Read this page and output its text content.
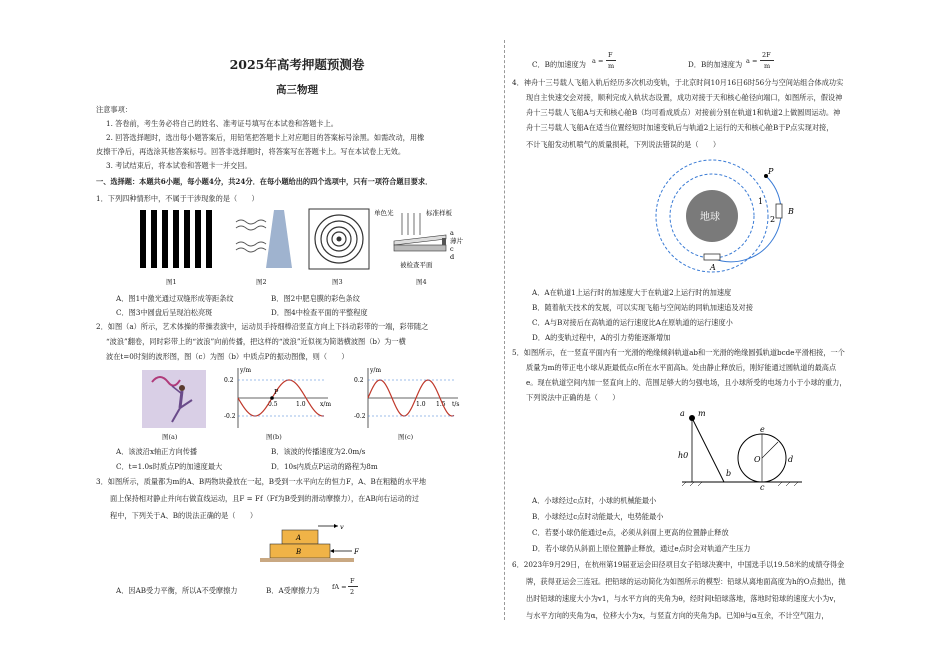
2025年高考押题预测卷
高三物理
注意事项：
1. 答卷前，考生务必将自己的姓名、准考证号填写在本试卷和答题卡上。
2. 回答选择题时，选出每小题答案后，用铅笔把答题卡上对应题目的答案标号涂黑。如需改动，用橡
皮擦干净后，再选涂其他答案标号。回答非选择题时，将答案写在答题卡上。写在本试卷上无效。
3. 考试结束后，将本试卷和答题卡一并交回。
一、选择题：本题共6小题，每小题4分，共24分．在每小题给出的四个选项中，只有一项符合题目要求．
1．下列四种情形中，不属于干涉现象的是（　　）
单色光	标准样板
薄片
a
c
d
被检查平面
图1	图2	图3	图4
A．图1中激光通过双缝形成等距条纹	B．图2中肥皂膜的彩色条纹
C．图3中圆盘后呈现泊松亮斑	D．图4中检查平面的平整程度
2．如图（a）所示，艺术体操的带操表演中，运动员手持细棒沿竖直方向上下抖动彩带的一端，彩带随之
“波浪”翻卷，同时彩带上的“波浪”向前传播，把这样的“波浪”近似视为简谐横波图（b）为一横
波在t=0时刻的波形图，图（c）为图（b）中质点P的振动图像，则（　　）
y/m
x/m
0.2
-0.2
0.5	1.0
P
y/m
t/s
0.2
-0.2
1.0 1.5
图(a)	图(b)	图(c)
A．该波沿x轴正方向传播	B．该波的传播速度为2.0m/s
C．t=1.0s时质点P的加速度最大	D．10s内质点P运动的路程为8m
3．如图所示，质量都为m的A、B两物块叠放在一起，B受到一水平向左的恒力F，A、B在粗糙的水平地
面上保持相对静止并向右做直线运动，且F = Ff（Ff为B受到的滑动摩擦力），在AB向右运动的过
程中，下列关于A、B的说法正确的是（　　）
v
A
B	F
A．因AB受力平衡，所以A不受摩擦力	B．A受摩擦力为 fA =
F
2
C．B的加速度为 a =
F
m	D．B的加速度为 a =
2F
m
4．神舟十三号载人飞船入轨后经历多次机动变轨，于北京时间10月16日6时56分与空间站组合体成功实
现自主快速交会对接，顺利完成入轨状态设置，成功对接于天和核心舱径向端口，如图所示，假设神
舟十三号载人飞船A与天和核心舱B（均可看成质点）对接前分别在轨道1和轨道2上做圆周运动。神
舟十三号载人飞船A在适当位置经短时加速变轨后与轨道2上运行的天和核心舱B于P点实现对接，
不计飞船发动机喷气的质量损耗，下列说法错误的是（　　）
地球
1
2
P
B
A
A．A在轨道1上运行时的加速度大于在轨道2上运行时的加速度
B．随着航天技术的发展，可以实现飞船与空间站的同轨加速追及对接
C．A与B对接后在高轨道的运行速度比A在原轨道的运行速度小
D．A的变轨过程中，A的引力势能逐渐增加
5．如图所示，在一竖直平面内有一光滑的绝缘倾斜轨道ab和一光滑的绝缘圆弧轨道bcde平滑相接，一个
质量为m的带正电小球从距最低点c所在水平面高h。处由静止释放后，刚好能通过圆轨道的最高点
e。现在轨道空间内加一竖直向上的、范围足够大的匀强电场，且小球所受的电场力小于小球的重力，
下列说法中正确的是（　　）
a m
h0
b
O
e
d
c
A．小球经过c点时，小球的机械能最小
B．小球经过c点时动能最大，电势能最小
C．若要小球仍能通过e点，必须从斜面上更高的位置静止释放
D．若小球仍从斜面上原位置静止释放，通过e点时会对轨道产生压力
6．2023年9月29日，在杭州第19届亚运会田径项目女子铅球决赛中，中国选手以19.58米的成绩夺得金
牌，获得亚运会三连冠。把铅球的运动简化为如图所示的模型：铅球从离地面高度为h的O点抛出，抛
出时铅球的速度大小为v1，与水平方向的夹角为θ，经时间t铅球落地，落地时铅球的速度大小为v，
与水平方向的夹角为α，位移大小为x，与竖直方向的夹角为β。已知θ与α互余，不计空气阻力，
